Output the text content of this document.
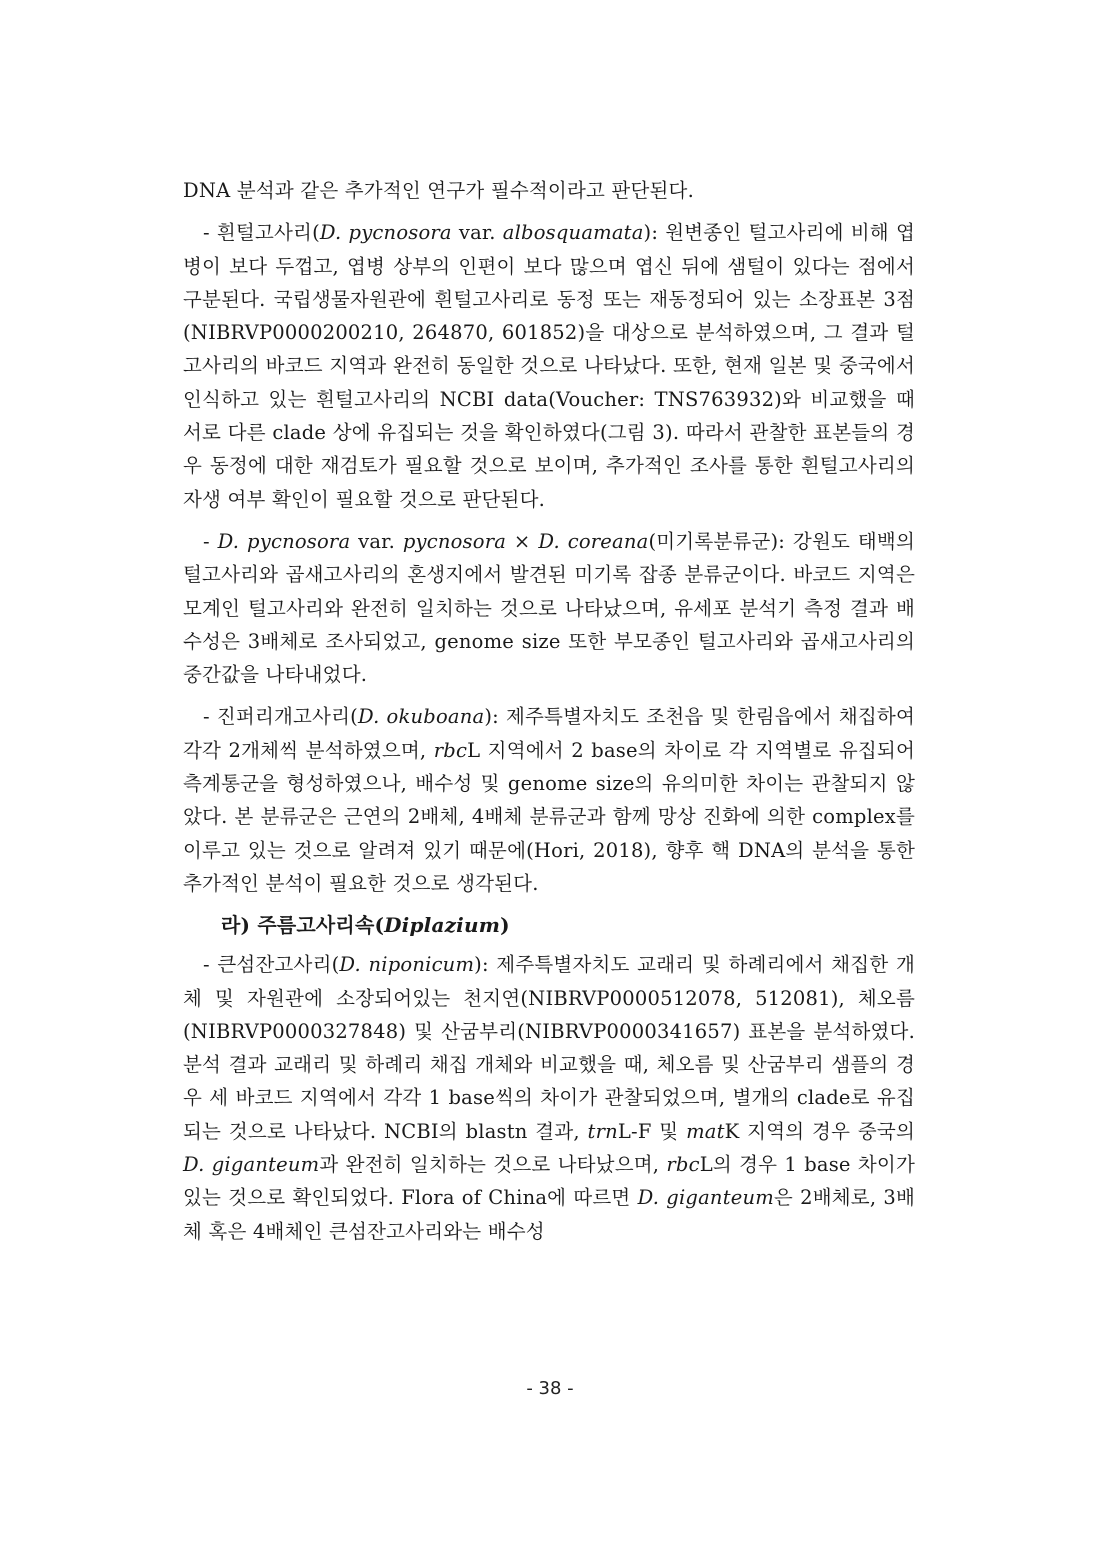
DNA 분석과 같은 추가적인 연구가 필수적이라고 판단된다.

- 흰털고사리(D. pycnosora var. albosquamata): 원변종인 털고사리에 비해 엽병이 보다 두껍고, 엽병 상부의 인편이 보다 많으며 엽신 뒤에 샘털이 있다는 점에서 구분된다. 국립생물자원관에 흰털고사리로 동정 또는 재동정되어 있는 소장표본 3점(NIBRVP0000200210, 264870, 601852)을 대상으로 분석하였으며, 그 결과 털고사리의 바코드 지역과 완전히 동일한 것으로 나타났다. 또한, 현재 일본 및 중국에서 인식하고 있는 흰털고사리의 NCBI data(Voucher: TNS763932)와 비교했을 때 서로 다른 clade 상에 유집되는 것을 확인하였다(그림 3). 따라서 관찰한 표본들의 경우 동정에 대한 재검토가 필요할 것으로 보이며, 추가적인 조사를 통한 흰털고사리의 자생 여부 확인이 필요할 것으로 판단된다.

- D. pycnosora var. pycnosora × D. coreana(미기록분류군): 강원도 태백의 털고사리와 곱새고사리의 혼생지에서 발견된 미기록 잡종 분류군이다. 바코드 지역은 모계인 털고사리와 완전히 일치하는 것으로 나타났으며, 유세포 분석기 측정 결과 배수성은 3배체로 조사되었고, genome size 또한 부모종인 털고사리와 곱새고사리의 중간값을 나타내었다.

- 진퍼리개고사리(D. okuboana): 제주특별자치도 조천읍 및 한림읍에서 채집하여 각각 2개체씩 분석하였으며, rbcL 지역에서 2 base의 차이로 각 지역별로 유집되어 측계통군을 형성하였으나, 배수성 및 genome size의 유의미한 차이는 관찰되지 않았다. 본 분류군은 근연의 2배체, 4배체 분류군과 함께 망상 진화에 의한 complex를 이루고 있는 것으로 알려져 있기 때문에(Hori, 2018), 향후 핵 DNA의 분석을 통한 추가적인 분석이 필요한 것으로 생각된다.

라) 주름고사리속(Diplazium)

- 큰섬잔고사리(D. niponicum): 제주특별자치도 교래리 및 하례리에서 채집한 개체 및 자원관에 소장되어있는 천지연(NIBRVP0000512078, 512081), 체오름(NIBRVP0000327848) 및 산굼부리(NIBRVP0000341657) 표본을 분석하였다. 분석 결과 교래리 및 하례리 채집 개체와 비교했을 때, 체오름 및 산굼부리 샘플의 경우 세 바코드 지역에서 각각 1 base씩의 차이가 관찰되었으며, 별개의 clade로 유집되는 것으로 나타났다. NCBI의 blastn 결과, trnL-F 및 matK 지역의 경우 중국의 D. giganteum과 완전히 일치하는 것으로 나타났으며, rbcL의 경우 1 base 차이가 있는 것으로 확인되었다. Flora of China에 따르면 D. giganteum은 2배체로, 3배체 혹은 4배체인 큰섬잔고사리와는 배수성

- 38 -
